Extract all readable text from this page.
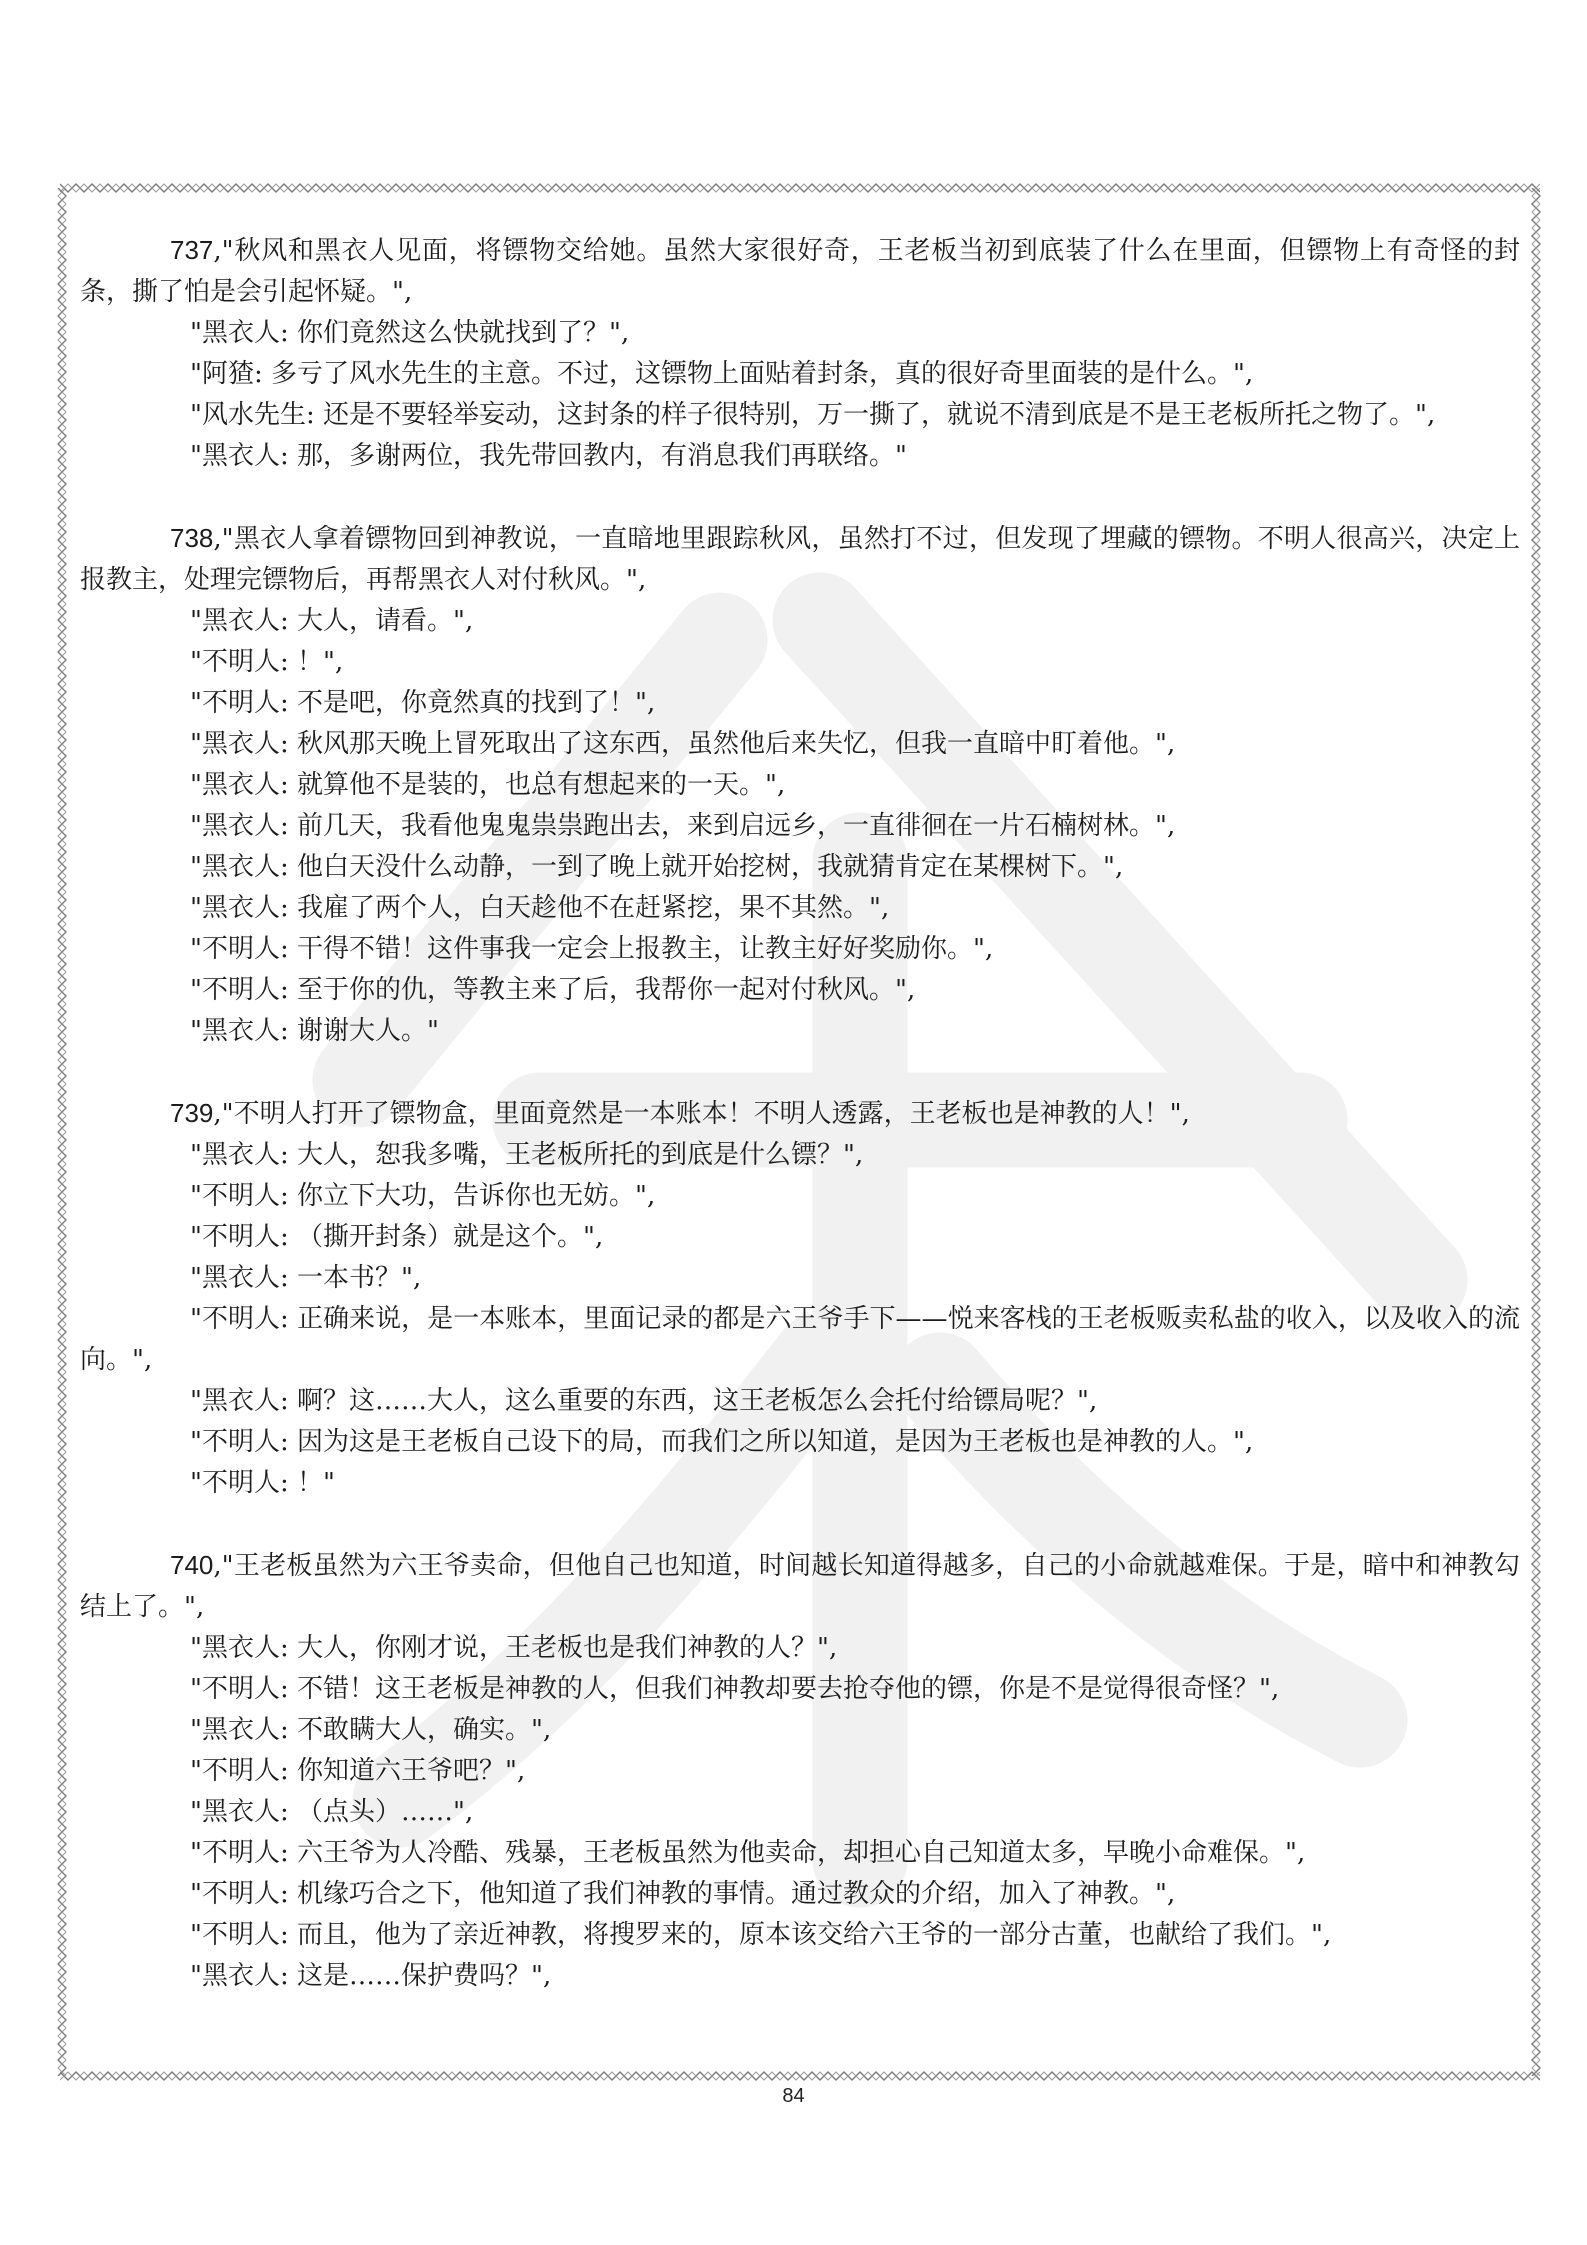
737,"秋风和黑衣人见面，将镖物交给她。虽然大家很好奇，王老板当初到底装了什么在里面，但镖物上有奇怪的封条，撕了怕是会引起怀疑。",
"黑衣人: 你们竟然这么快就找到了？",
"阿猹: 多亏了风水先生的主意。不过，这镖物上面贴着封条，真的很好奇里面装的是什么。",
"风水先生: 还是不要轻举妄动，这封条的样子很特别，万一撕了，就说不清到底是不是王老板所托之物了。",
"黑衣人: 那，多谢两位，我先带回教内，有消息我们再联络。"
738,"黑衣人拿着镖物回到神教说，一直暗地里跟踪秋风，虽然打不过，但发现了埋藏的镖物。不明人很高兴，决定上报教主，处理完镖物后，再帮黑衣人对付秋风。",
"黑衣人: 大人，请看。",
"不明人: ！",
"不明人: 不是吧，你竟然真的找到了！",
"黑衣人: 秋风那天晚上冒死取出了这东西，虽然他后来失忆，但我一直暗中盯着他。",
"黑衣人: 就算他不是装的，也总有想起来的一天。",
"黑衣人: 前几天，我看他鬼鬼祟祟跑出去，来到启远乡，一直徘徊在一片石楠树林。",
"黑衣人: 他白天没什么动静，一到了晚上就开始挖树，我就猜肯定在某棵树下。",
"黑衣人: 我雇了两个人，白天趁他不在赶紧挖，果不其然。",
"不明人: 干得不错！这件事我一定会上报教主，让教主好好奖励你。",
"不明人: 至于你的仇，等教主来了后，我帮你一起对付秋风。",
"黑衣人: 谢谢大人。"
739,"不明人打开了镖物盒，里面竟然是一本账本！不明人透露，王老板也是神教的人！",
"黑衣人: 大人，恕我多嘴，王老板所托的到底是什么镖？",
"不明人: 你立下大功，告诉你也无妨。",
"不明人: （撕开封条）就是这个。",
"黑衣人: 一本书？",
"不明人: 正确来说，是一本账本，里面记录的都是六王爷手下——悦来客栈的王老板贩卖私盐的收入，以及收入的流向。",
"黑衣人: 啊？这……大人，这么重要的东西，这王老板怎么会托付给镖局呢？",
"不明人: 因为这是王老板自己设下的局，而我们之所以知道，是因为王老板也是神教的人。",
"不明人: ！"
740,"王老板虽然为六王爷卖命，但他自己也知道，时间越长知道得越多，自己的小命就越难保。于是，暗中和神教勾结上了。",
"黑衣人: 大人，你刚才说，王老板也是我们神教的人？",
"不明人: 不错！这王老板是神教的人，但我们神教却要去抢夺他的镖，你是不是觉得很奇怪？",
"黑衣人: 不敢瞒大人，确实。",
"不明人: 你知道六王爷吧？",
"黑衣人: （点头）……",
"不明人: 六王爷为人冷酷、残暴，王老板虽然为他卖命，却担心自己知道太多，早晚小命难保。",
"不明人: 机缘巧合之下，他知道了我们神教的事情。通过教众的介绍，加入了神教。",
"不明人: 而且，他为了亲近神教，将搜罗来的，原本该交给六王爷的一部分古董，也献给了我们。",
"黑衣人: 这是……保护费吗？",
84
